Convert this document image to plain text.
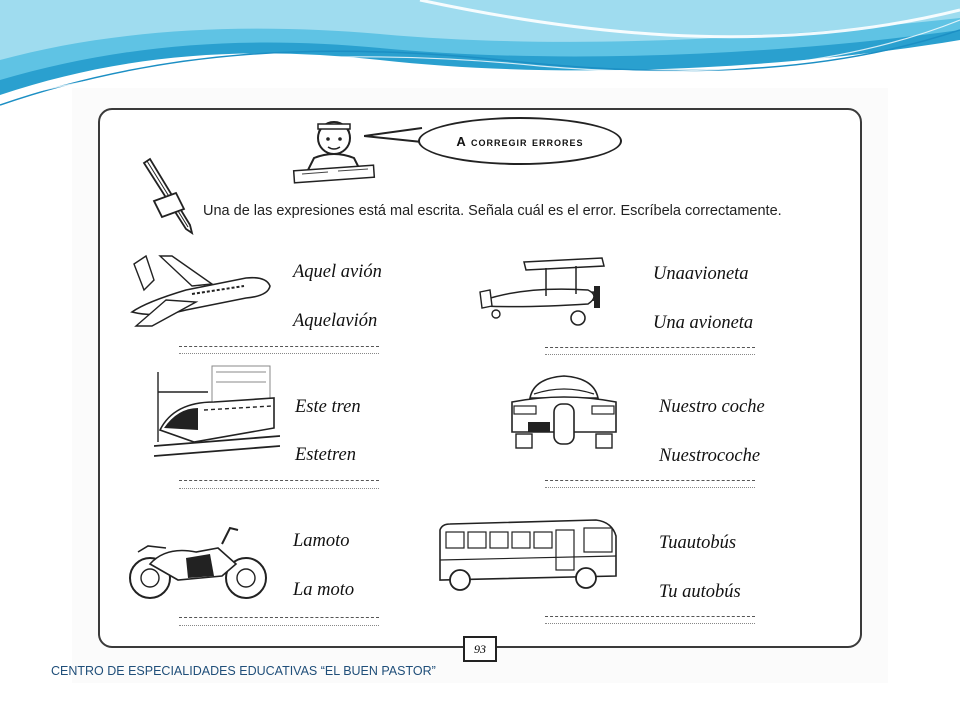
A corregir errores
Una de las expresiones está mal escrita. Señala cuál es el error. Escríbela correctamente.
Aquel avión
Aquelavión
Unaavioneta
Una avioneta
Este tren
Estetren
Nuestro coche
Nuestrocoche
Lamoto
La moto
Tuautobús
Tu autobús
93
CENTRO DE ESPECIALIDADES EDUCATIVAS “EL BUEN PASTOR”
